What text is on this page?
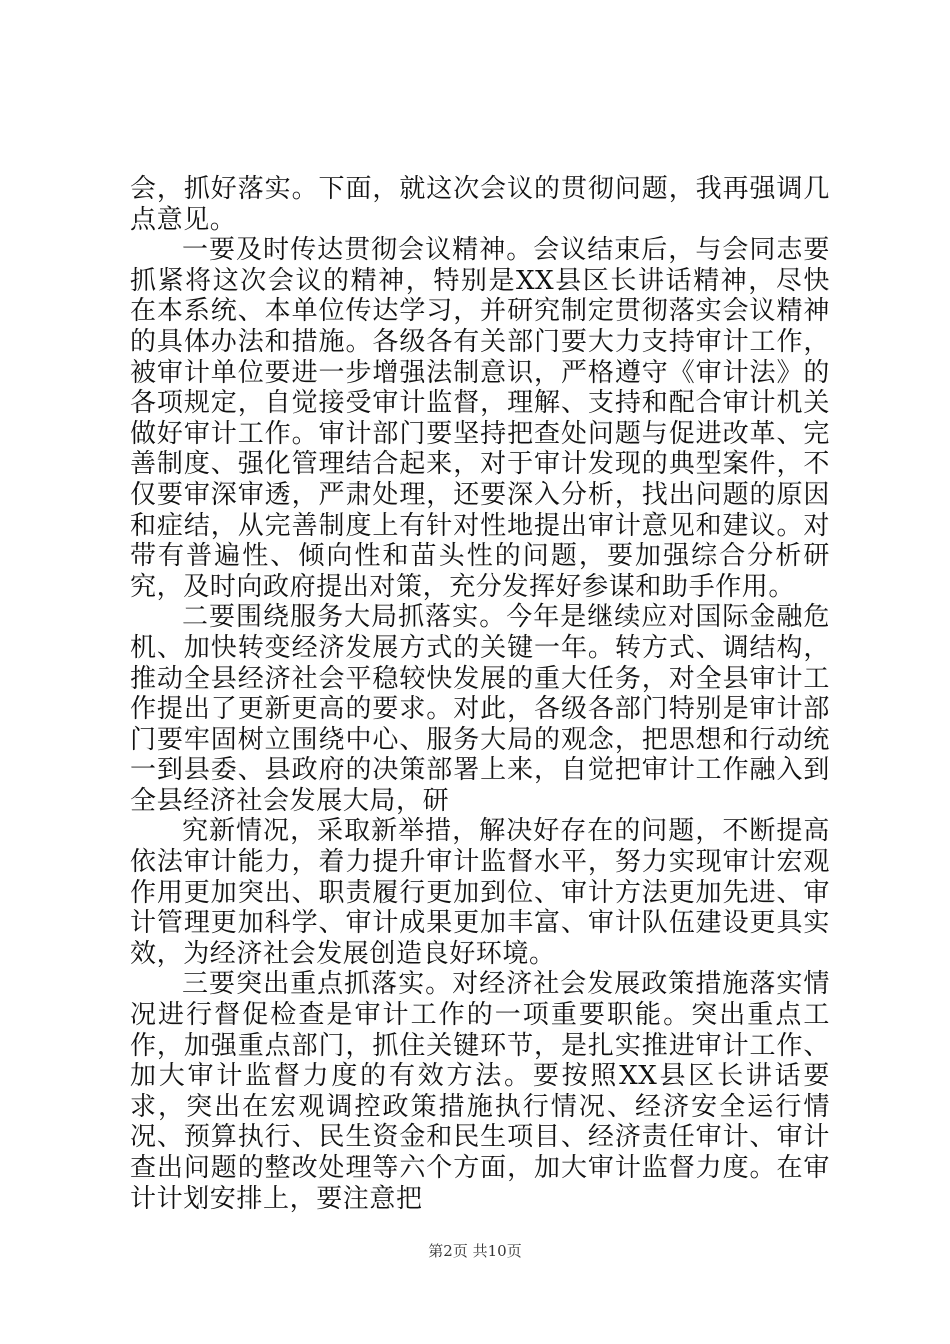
会，抓好落实。下面，就这次会议的贯彻问题，我再强调几点意见。

一要及时传达贯彻会议精神。会议结束后，与会同志要抓紧将这次会议的精神，特别是XX县区长讲话精神，尽快在本系统、本单位传达学习，并研究制定贯彻落实会议精神的具体办法和措施。各级各有关部门要大力支持审计工作，被审计单位要进一步增强法制意识，严格遵守《审计法》的各项规定，自觉接受审计监督，理解、支持和配合审计机关做好审计工作。审计部门要坚持把查处问题与促进改革、完善制度、强化管理结合起来，对于审计发现的典型案件，不仅要审深审透，严肃处理，还要深入分析，找出问题的原因和症结，从完善制度上有针对性地提出审计意见和建议。对带有普遍性、倾向性和苗头性的问题，要加强综合分析研究，及时向政府提出对策，充分发挥好参谋和助手作用。

二要围绕服务大局抓落实。今年是继续应对国际金融危机、加快转变经济发展方式的关键一年。转方式、调结构，推动全县经济社会平稳较快发展的重大任务，对全县审计工作提出了更新更高的要求。对此，各级各部门特别是审计部门要牢固树立围绕中心、服务大局的观念，把思想和行动统一到县委、县政府的决策部署上来，自觉把审计工作融入到全县经济社会发展大局，研

究新情况，采取新举措，解决好存在的问题，不断提高依法审计能力，着力提升审计监督水平，努力实现审计宏观作用更加突出、职责履行更加到位、审计方法更加先进、审计管理更加科学、审计成果更加丰富、审计队伍建设更具实效，为经济社会发展创造良好环境。

三要突出重点抓落实。对经济社会发展政策措施落实情况进行督促检查是审计工作的一项重要职能。突出重点工作，加强重点部门，抓住关键环节，是扎实推进审计工作、加大审计监督力度的有效方法。要按照XX县区长讲话要求，突出在宏观调控政策措施执行情况、经济安全运行情况、预算执行、民生资金和民生项目、经济责任审计、审计查出问题的整改处理等六个方面，加大审计监督力度。在审计计划安排上，要注意把

第2页 共10页
